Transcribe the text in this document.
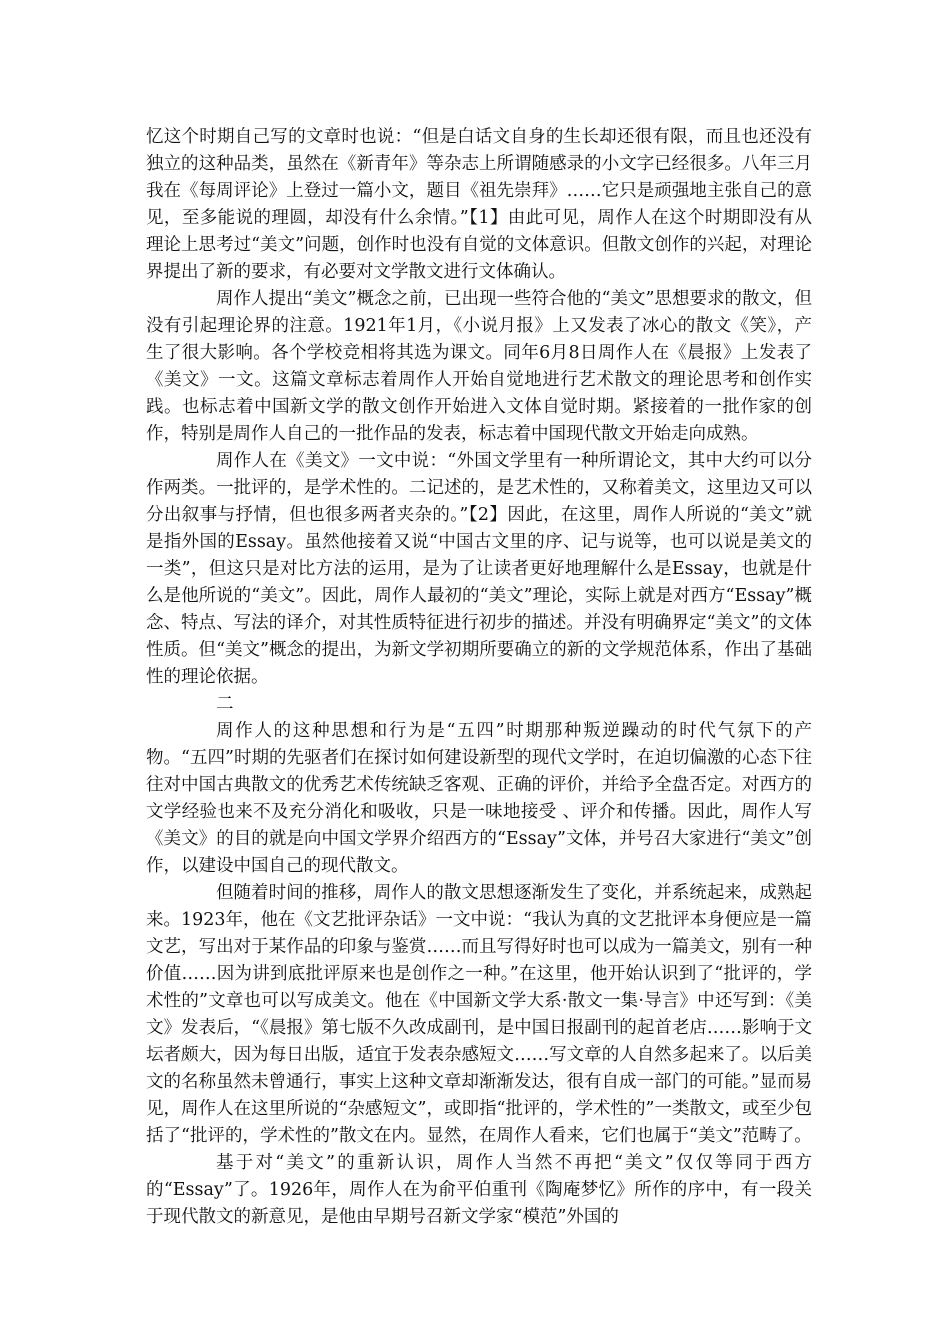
忆这个时期自己写的文章时也说：“但是白话文自身的生长却还很有限，而且也还没有独立的这种品类，虽然在《新青年》等杂志上所谓随感录的小文字已经很多。八年三月我在《每周评论》上登过一篇小文，题目《祖先崇拜》……它只是顽强地主张自己的意见，至多能说的理圆，却没有什么余情。”【1】由此可见，周作人在这个时期即没有从理论上思考过“美文”问题，创作时也没有自觉的文体意识。但散文创作的兴起，对理论界提出了新的要求，有必要对文学散文进行文体确认。

周作人提出“美文”概念之前，已出现一些符合他的“美文”思想要求的散文，但没有引起理论界的注意。1921年1月，《小说月报》上又发表了冰心的散文《笑》，产生了很大影响。各个学校竞相将其选为课文。同年6月8日周作人在《晨报》上发表了《美文》一文。这篇文章标志着周作人开始自觉地进行艺术散文的理论思考和创作实践。也标志着中国新文学的散文创作开始进入文体自觉时期。紧接着的一批作家的创作，特别是周作人自己的一批作品的发表，标志着中国现代散文开始走向成熟。

周作人在《美文》一文中说：“外国文学里有一种所谓论文，其中大约可以分作两类。一批评的，是学术性的。二记述的，是艺术性的，又称着美文，这里边又可以分出叙事与抒情，但也很多两者夹杂的。”【2】因此，在这里，周作人所说的“美文”就是指外国的Essay。虽然他接着又说“中国古文里的序、记与说等，也可以说是美文的一类”，但这只是对比方法的运用，是为了让读者更好地理解什么是Essay，也就是什么是他所说的“美文”。因此，周作人最初的“美文”理论，实际上就是对西方“Essay”概念、特点、写法的译介，对其性质特征进行初步的描述。并没有明确界定“美文”的文体性质。但“美文”概念的提出，为新文学初期所要确立的新的文学规范体系，作出了基础性的理论依据。

二

周作人的这种思想和行为是“五四”时期那种叛逆躁动的时代气氛下的产物。“五四”时期的先驱者们在探讨如何建设新型的现代文学时，在迫切偏激的心态下往往对中国古典散文的优秀艺术传统缺乏客观、正确的评价，并给予全盘否定。对西方的文学经验也来不及充分消化和吸收，只是一味地接受 、评介和传播。因此，周作人写《美文》的目的就是向中国文学界介绍西方的“Essay”文体，并号召大家进行“美文”创作，以建设中国自己的现代散文。

但随着时间的推移，周作人的散文思想逐渐发生了变化，并系统起来，成熟起来。1923年，他在《文艺批评杂话》一文中说：“我认为真的文艺批评本身便应是一篇文艺，写出对于某作品的印象与鉴赏……而且写得好时也可以成为一篇美文，别有一种价值……因为讲到底批评原来也是创作之一种。”在这里，他开始认识到了“批评的，学术性的”文章也可以写成美文。他在《中国新文学大系·散文一集·导言》中还写到：《美文》发表后，“《晨报》第七版不久改成副刊，是中国日报副刊的起首老店……影响于文坛者颇大，因为每日出版，适宜于发表杂感短文……写文章的人自然多起来了。以后美文的名称虽然未曾通行，事实上这种文章却渐渐发达，很有自成一部门的可能。”显而易见，周作人在这里所说的“杂感短文”，或即指“批评的，学术性的”一类散文，或至少包括了“批评的，学术性的”散文在内。显然，在周作人看来，它们也属于“美文”范畴了。

基于对“美文”的重新认识，周作人当然不再把“美文”仅仅等同于西方的“Essay”了。1926年，周作人在为俞平伯重刊《陶庵梦忆》所作的序中，有一段关于现代散文的新意见，是他由早期号召新文学家“模范”外国的
